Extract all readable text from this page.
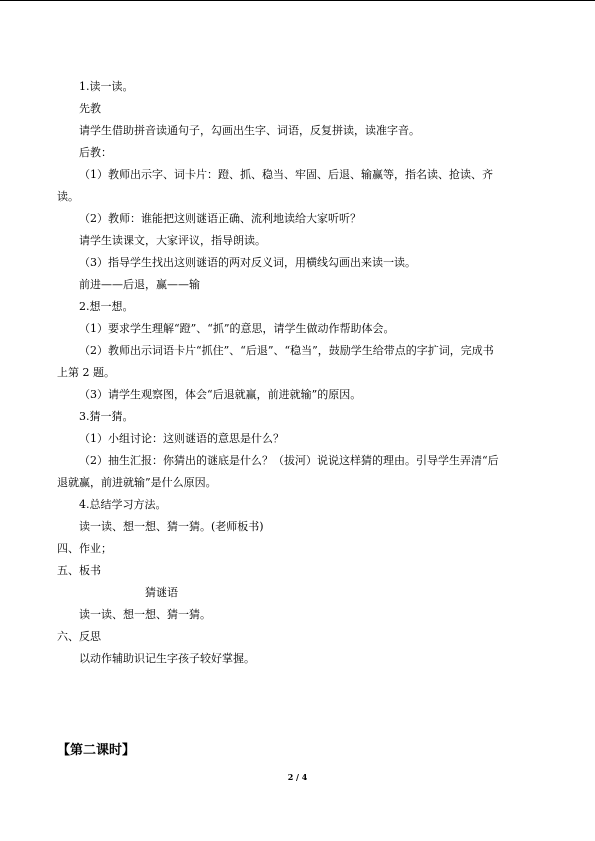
1.读一读。
先教
请学生借助拼音读通句子，勾画出生字、词语，反复拼读，读准字音。
后教：
（1）教师出示字、词卡片：蹬、抓、稳当、牢固、后退、输赢等，指名读、抢读、齐
读。
（2）教师：谁能把这则谜语正确、流利地读给大家听听？
请学生读课文，大家评议，指导朗读。
（3）指导学生找出这则谜语的两对反义词，用横线勾画出来读一读。
前进——后退，赢——输
2.想一想。
（1）要求学生理解“蹬”、“抓”的意思，请学生做动作帮助体会。
（2）教师出示词语卡片“抓住”、“后退”、“稳当”，鼓励学生给带点的字扩词，完成书
上第 2 题。
（3）请学生观察图，体会“后退就赢，前进就输”的原因。
3.猜一猜。
（1）小组讨论：这则谜语的意思是什么？
（2）抽生汇报：你猜出的谜底是什么？（拔河）说说这样猜的理由。引导学生弄清“后
退就赢，前进就输”是什么原因。
4.总结学习方法。
读一读、想一想、猜一猜。(老师板书)
四、作业；
五、板书
猜谜语
读一读、想一想、猜一猜。
六、反思
以动作辅助识记生字孩子较好掌握。
【第二课时】
2 / 4
